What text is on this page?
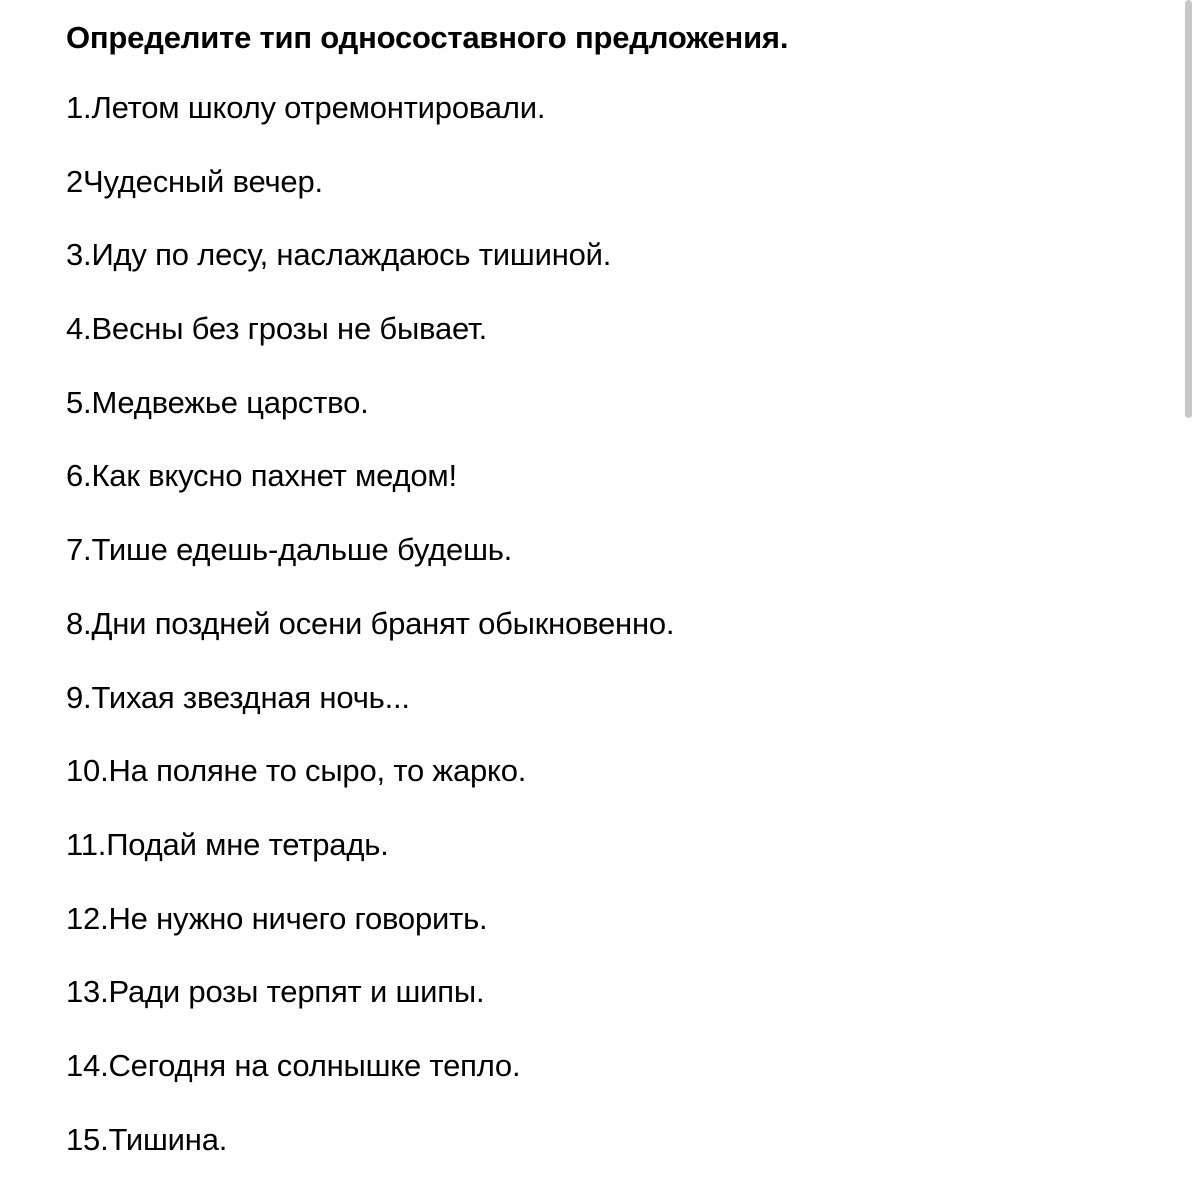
Определите тип односоставного предложения.
1.Летом школу отремонтировали.
2Чудесный вечер.
3.Иду по лесу, наслаждаюсь тишиной.
4.Весны без грозы не бывает.
5.Медвежье царство.
6.Как вкусно пахнет медом!
7.Тише едешь-дальше будешь.
8.Дни поздней осени бранят обыкновенно.
9.Тихая звездная ночь...
10.На поляне то сыро, то жарко.
11.Подай мне тетрадь.
12.Не нужно ничего говорить.
13.Ради розы терпят и шипы.
14.Сегодня на солнышке тепло.
15.Тишина.
